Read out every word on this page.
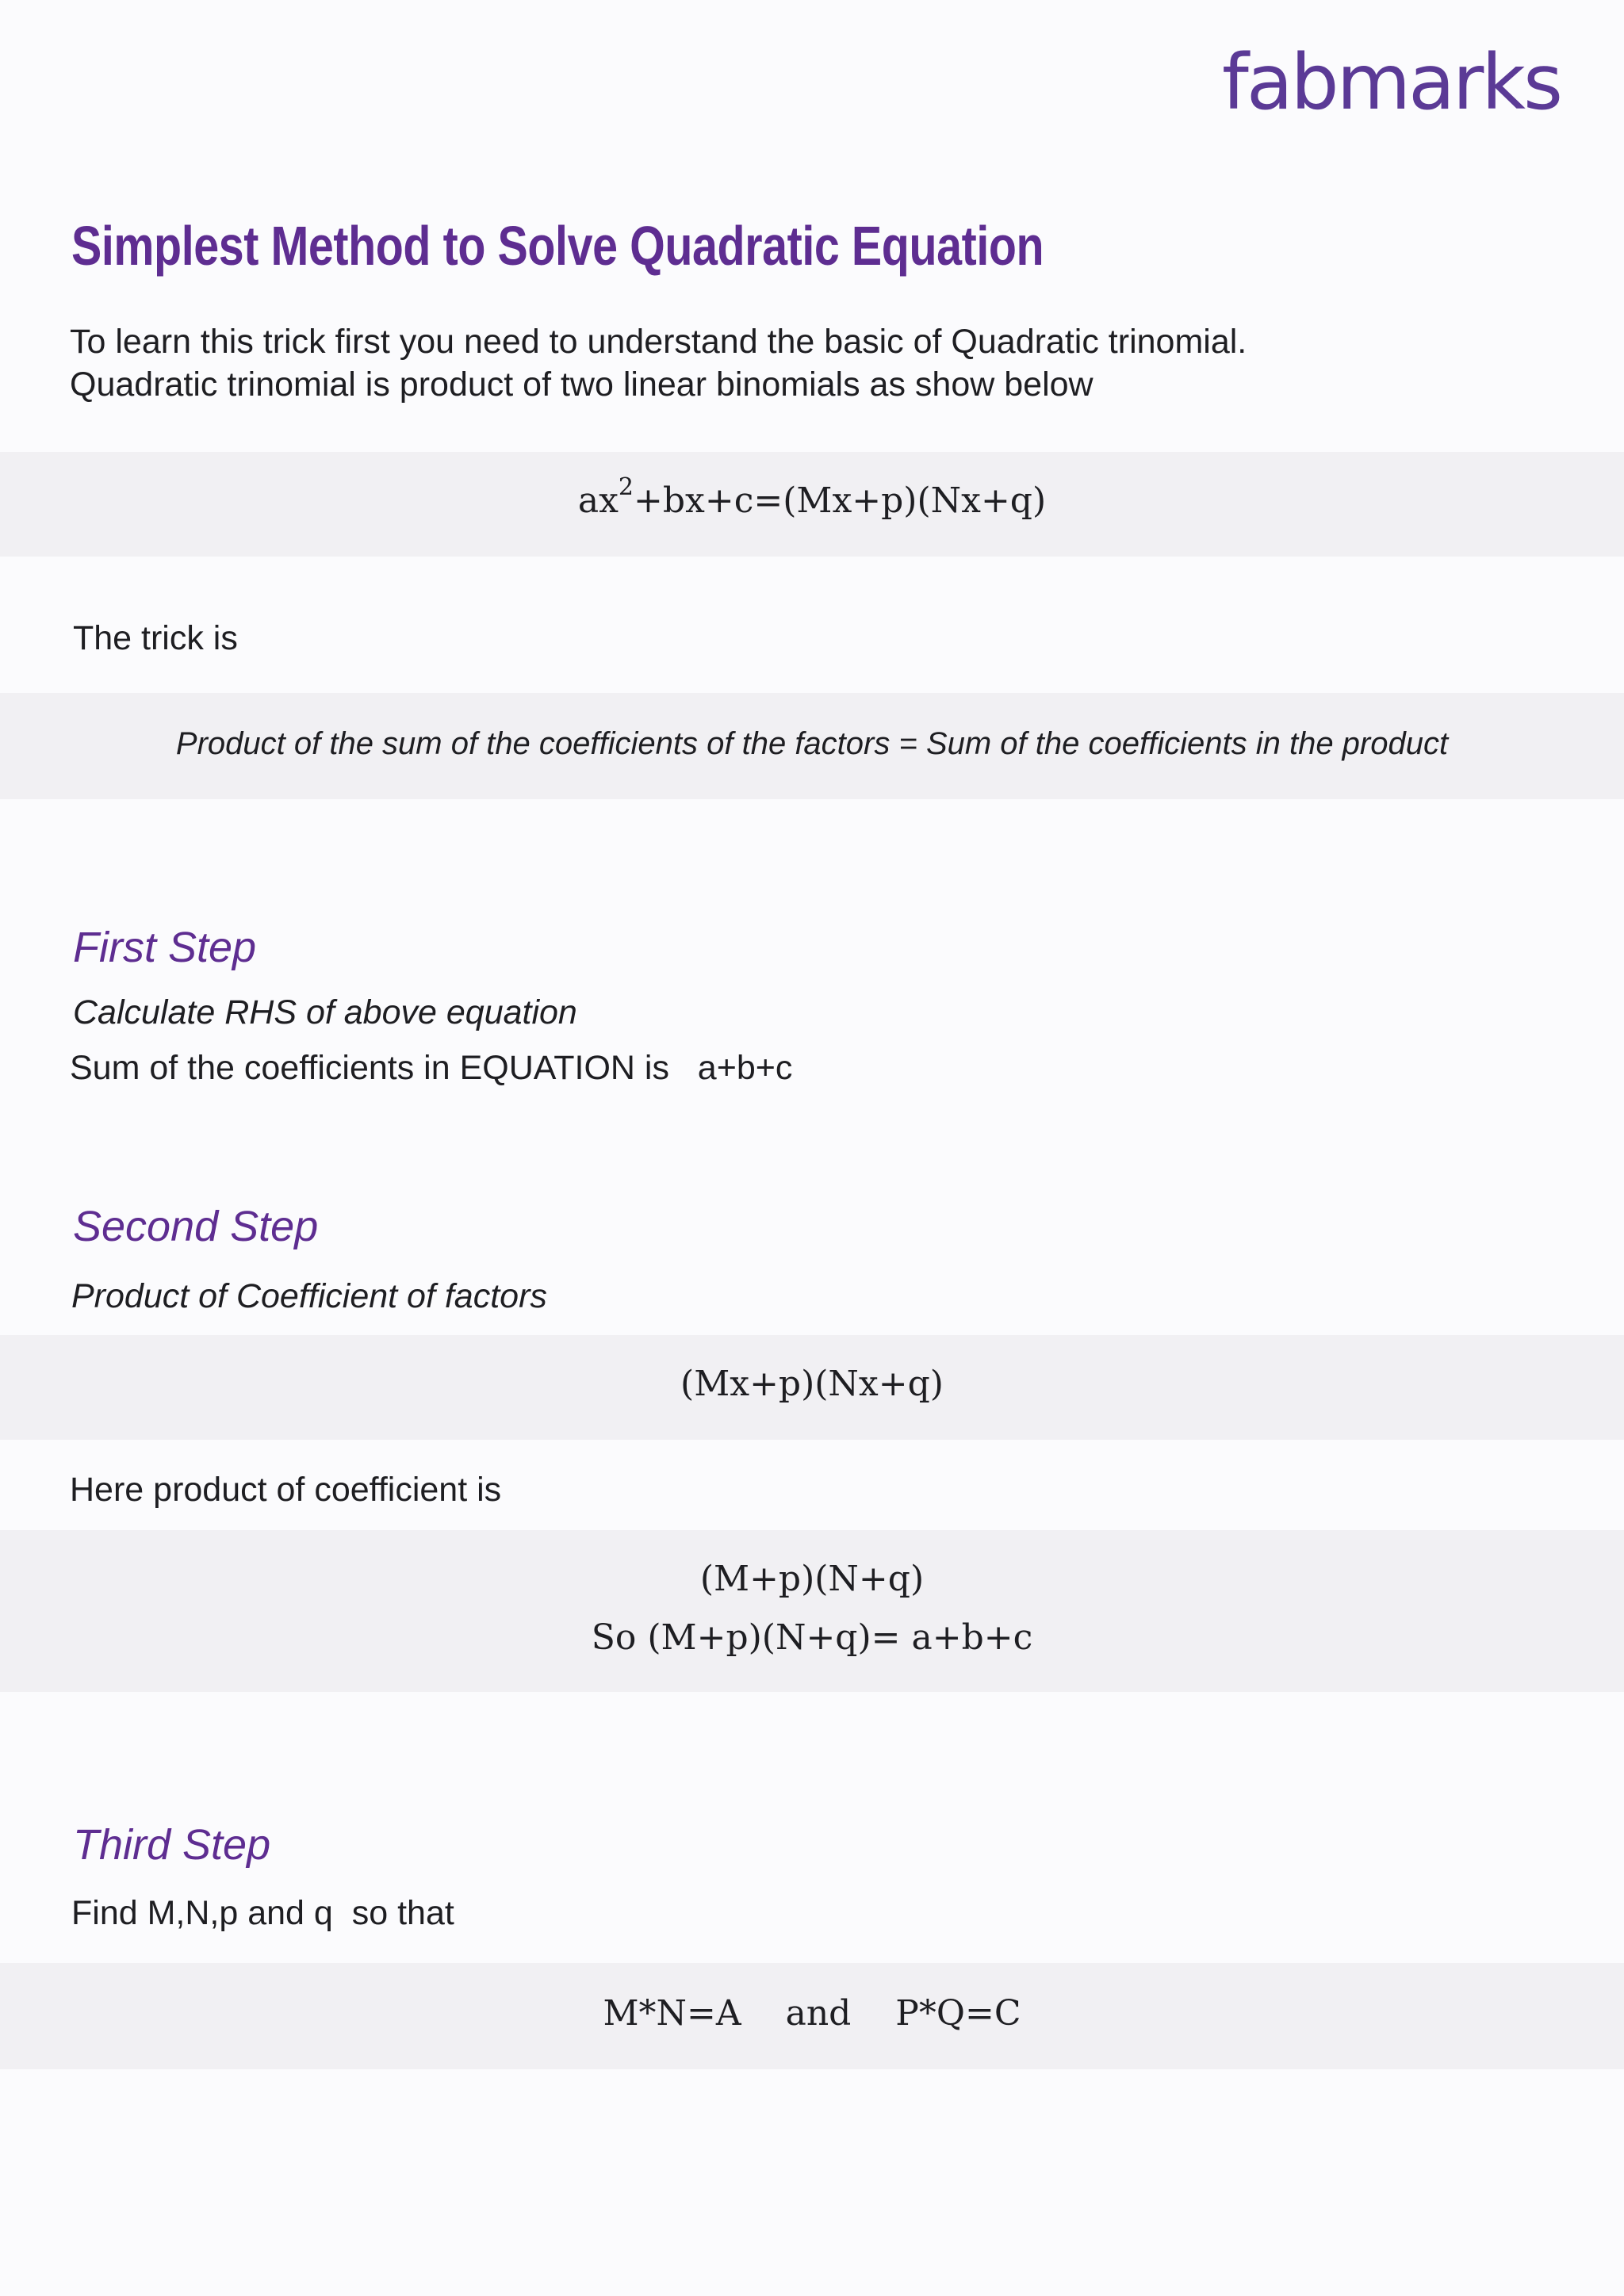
fabmarks
Simplest Method to Solve Quadratic Equation
To learn this trick first you need to understand the basic of Quadratic trinomial.
Quadratic trinomial is product of two linear binomials as show below
$ax^2+bx+c=(Mx+p)(Nx+q)$
The trick is
Product of the sum of the coefficients of the factors = Sum of the coefficients in the product
First Step
Calculate RHS of above equation
Sum of the coefficients in EQUATION is   a+b+c
Second Step
Product of Coefficient of factors
(Mx+p)(Nx+q)
Here product of coefficient is
(M+p)(N+q)
So (M+p)(N+q)= a+b+c
Third Step
Find M,N,p and q  so that
M*N=A    and    P*Q=C
